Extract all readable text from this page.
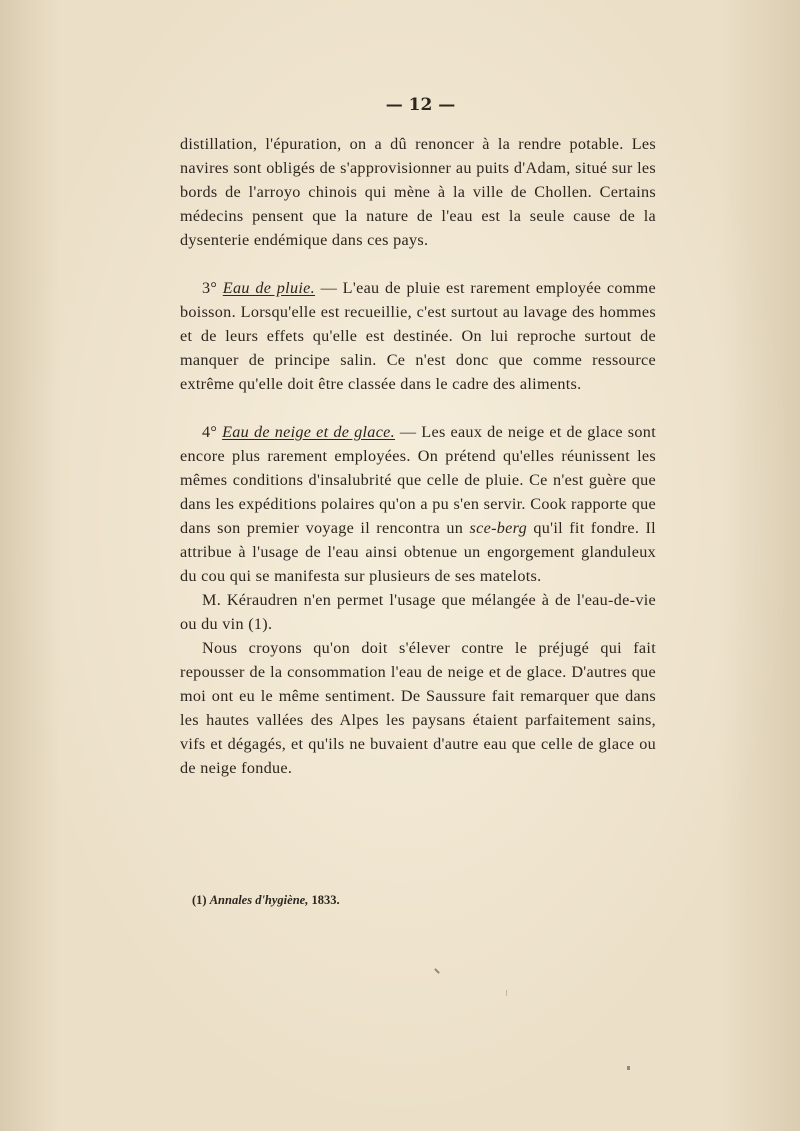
— 12 —

distillation, l'épuration, on a dû renoncer à la rendre potable. Les navires sont obligés de s'approvisionner au puits d'Adam, situé sur les bords de l'arroyo chinois qui mène à la ville de Chollen. Certains médecins pensent que la nature de l'eau est la seule cause de la dysenterie endémique dans ces pays.

3° Eau de pluie. — L'eau de pluie est rarement employée comme boisson. Lorsqu'elle est recueillie, c'est surtout au lavage des hommes et de leurs effets qu'elle est destinée. On lui reproche surtout de manquer de principe salin. Ce n'est donc que comme ressource extrême qu'elle doit être classée dans le cadre des aliments.

4° Eau de neige et de glace. — Les eaux de neige et de glace sont encore plus rarement employées. On prétend qu'elles réunissent les mêmes conditions d'insalubrité que celle de pluie. Ce n'est guère que dans les expéditions polaires qu'on a pu s'en servir. Cook rapporte que dans son premier voyage il rencontra un sce-berg qu'il fit fondre. Il attribue à l'usage de l'eau ainsi obtenue un engorgement glanduleux du cou qui se manifesta sur plusieurs de ses matelots.

M. Kéraudren n'en permet l'usage que mélangée à de l'eau-de-vie ou du vin (1).

Nous croyons qu'on doit s'élever contre le préjugé qui fait repousser de la consommation l'eau de neige et de glace. D'autres que moi ont eu le même sentiment. De Saussure fait remarquer que dans les hautes vallées des Alpes les paysans étaient parfaitement sains, vifs et dégagés, et qu'ils ne buvaient d'autre eau que celle de glace ou de neige fondue.

(1) Annales d'hygiène, 1833.
